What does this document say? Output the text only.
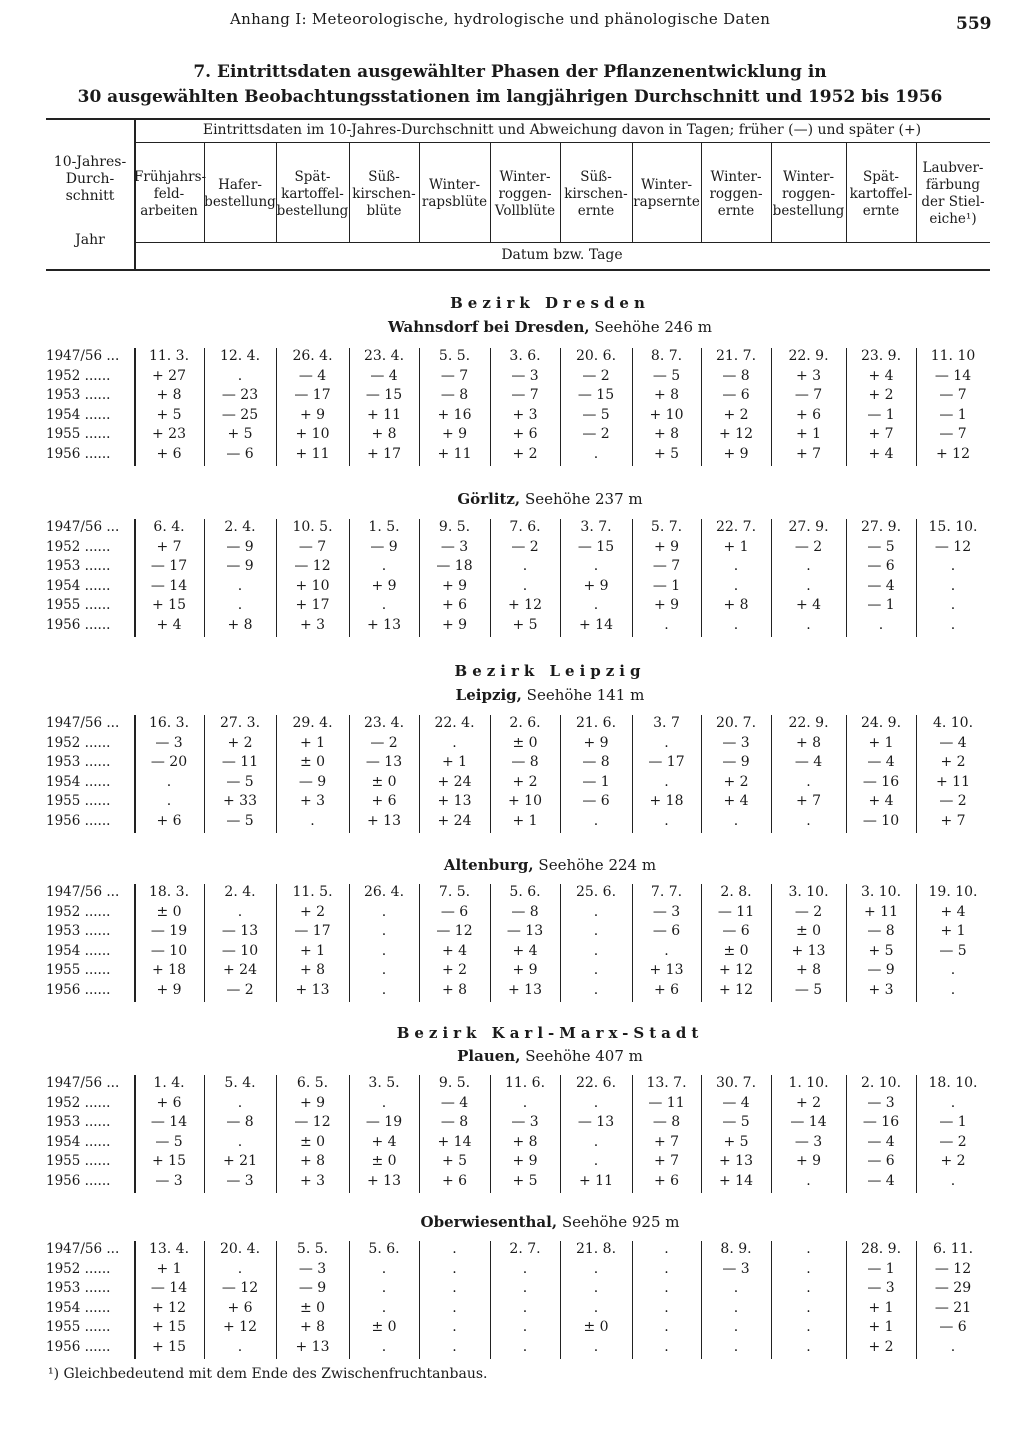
Anhang I: Meteorologische, hydrologische und phänologische Daten	559
7. Eintrittsdaten ausgewählter Phasen der Pflanzenentwicklung in
30 ausgewählten Beobachtungsstationen im langjährigen Durchschnitt und 1952 bis 1956
10-Jahres-
Durch-
schnitt
Jahr
Eintrittsdaten im 10-Jahres-Durchschnitt und Abweichung davon in Tagen; früher (—) und später (+)
Datum bzw. Tage
Frühjahrs-
feld-
arbeiten
Hafer-
bestellung
Spät-
kartoffel-
bestellung
Süß-
kirschen-
blüte
Winter-
rapsblüte
Winter-
roggen-
Vollblüte
Süß-
kirschen-
ernte
Winter-
rapsernte
Winter-
roggen-
ernte
Winter-
roggen-
bestellung
Spät-
kartoffel-
ernte
Laubver-
färbung
der Stiel-
eiche¹)
Bezirk Dresden
Wahnsdorf bei Dresden, Seehöhe 246 m
1947/56 ...	11. 3.	12. 4.	26. 4.	23. 4.	5. 5.	3. 6.	20. 6.	8. 7.	21. 7.	22. 9.	23. 9.	11. 10
1952 ......	+ 27	.	— 4	— 4	— 7	— 3	— 2	— 5	— 8	+ 3	+ 4	— 14
1953 ......	+ 8	— 23	— 17	— 15	— 8	— 7	— 15	+ 8	— 6	— 7	+ 2	— 7
1954 ......	+ 5	— 25	+ 9	+ 11	+ 16	+ 3	— 5	+ 10	+ 2	+ 6	— 1	— 1
1955 ......	+ 23	+ 5	+ 10	+ 8	+ 9	+ 6	— 2	+ 8	+ 12	+ 1	+ 7	— 7
1956 ......	+ 6	— 6	+ 11	+ 17	+ 11	+ 2	.	+ 5	+ 9	+ 7	+ 4	+ 12
Görlitz, Seehöhe 237 m
1947/56 ...	6. 4.	2. 4.	10. 5.	1. 5.	9. 5.	7. 6.	3. 7.	5. 7.	22. 7.	27. 9.	27. 9.	15. 10.
1952 ......	+ 7	— 9	— 7	— 9	— 3	— 2	— 15	+ 9	+ 1	— 2	— 5	— 12
1953 ......	— 17	— 9	— 12	.	— 18	.	.	— 7	.	.	— 6	.
1954 ......	— 14	.	+ 10	+ 9	+ 9	.	+ 9	— 1	.	.	— 4	.
1955 ......	+ 15	.	+ 17	.	+ 6	+ 12	.	+ 9	+ 8	+ 4	— 1	.
1956 ......	+ 4	+ 8	+ 3	+ 13	+ 9	+ 5	+ 14	.	.	.	.	.
Bezirk Leipzig
Leipzig, Seehöhe 141 m
1947/56 ...	16. 3.	27. 3.	29. 4.	23. 4.	22. 4.	2. 6.	21. 6.	3. 7	20. 7.	22. 9.	24. 9.	4. 10.
1952 ......	— 3	+ 2	+ 1	— 2	.	± 0	+ 9	.	— 3	+ 8	+ 1	— 4
1953 ......	— 20	— 11	± 0	— 13	+ 1	— 8	— 8	— 17	— 9	— 4	— 4	+ 2
1954 ......	.	— 5	— 9	± 0	+ 24	+ 2	— 1	.	+ 2	.	— 16	+ 11
1955 ......	.	+ 33	+ 3	+ 6	+ 13	+ 10	— 6	+ 18	+ 4	+ 7	+ 4	— 2
1956 ......	+ 6	— 5	.	+ 13	+ 24	+ 1	.	.	.	.	— 10	+ 7
Altenburg, Seehöhe 224 m
1947/56 ...	18. 3.	2. 4.	11. 5.	26. 4.	7. 5.	5. 6.	25. 6.	7. 7.	2. 8.	3. 10.	3. 10.	19. 10.
1952 ......	± 0	.	+ 2	.	— 6	— 8	.	— 3	— 11	— 2	+ 11	+ 4
1953 ......	— 19	— 13	— 17	.	— 12	— 13	.	— 6	— 6	± 0	— 8	+ 1
1954 ......	— 10	— 10	+ 1	.	+ 4	+ 4	.	.	± 0	+ 13	+ 5	— 5
1955 ......	+ 18	+ 24	+ 8	.	+ 2	+ 9	.	+ 13	+ 12	+ 8	— 9	.
1956 ......	+ 9	— 2	+ 13	.	+ 8	+ 13	.	+ 6	+ 12	— 5	+ 3	.
Bezirk Karl-Marx-Stadt
Plauen, Seehöhe 407 m
1947/56 ...	1. 4.	5. 4.	6. 5.	3. 5.	9. 5.	11. 6.	22. 6.	13. 7.	30. 7.	1. 10.	2. 10.	18. 10.
1952 ......	+ 6	.	+ 9	.	— 4	.	.	— 11	— 4	+ 2	— 3	.
1953 ......	— 14	— 8	— 12	— 19	— 8	— 3	— 13	— 8	— 5	— 14	— 16	— 1
1954 ......	— 5	.	± 0	+ 4	+ 14	+ 8	.	+ 7	+ 5	— 3	— 4	— 2
1955 ......	+ 15	+ 21	+ 8	± 0	+ 5	+ 9	.	+ 7	+ 13	+ 9	— 6	+ 2
1956 ......	— 3	— 3	+ 3	+ 13	+ 6	+ 5	+ 11	+ 6	+ 14	.	— 4	.
Oberwiesenthal, Seehöhe 925 m
1947/56 ...	13. 4.	20. 4.	5. 5.	5. 6.	.	2. 7.	21. 8.	.	8. 9.	.	28. 9.	6. 11.
1952 ......	+ 1	.	— 3	.	.	.	.	.	— 3	.	— 1	— 12
1953 ......	— 14	— 12	— 9	.	.	.	.	.	.	.	— 3	— 29
1954 ......	+ 12	+ 6	± 0	.	.	.	.	.	.	.	+ 1	— 21
1955 ......	+ 15	+ 12	+ 8	± 0	.	.	± 0	.	.	.	+ 1	— 6
1956 ......	+ 15	.	+ 13	.	.	.	.	.	.	.	+ 2	.
¹) Gleichbedeutend mit dem Ende des Zwischenfruchtanbaus.
